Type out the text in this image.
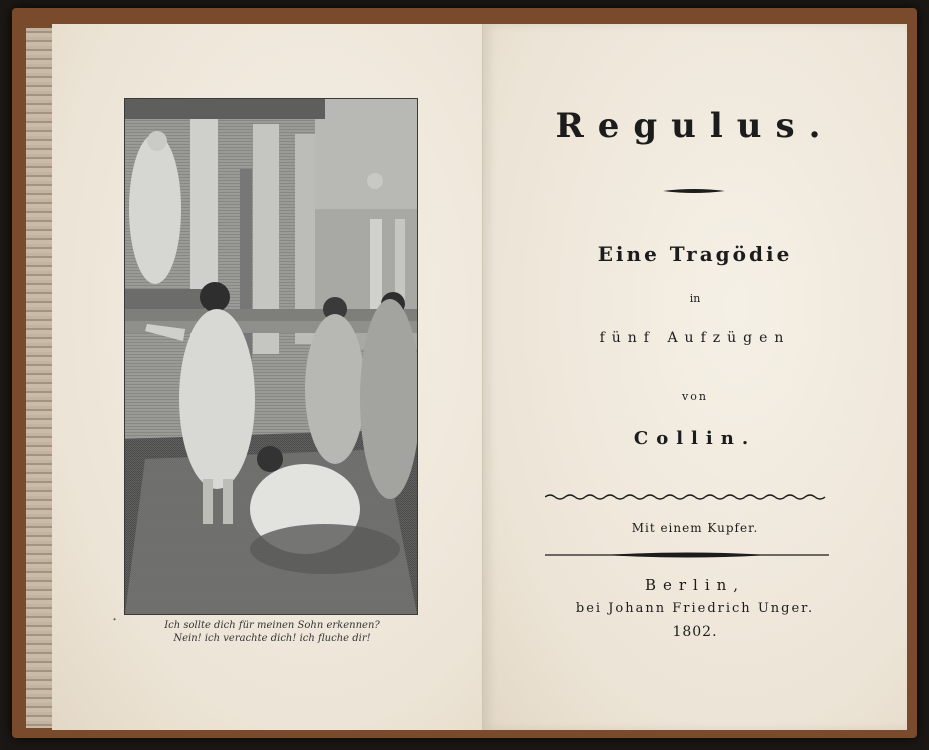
✦	Ich sollte dich für meinen Sohn erkennen?
Nein! ich verachte dich! ich fluche dir!
Regulus.
Eine Tragödie
in
fünf Aufzügen
von
Collin.
Mit einem Kupfer.
Berlin,
bei Johann Friedrich Unger.
1802.
